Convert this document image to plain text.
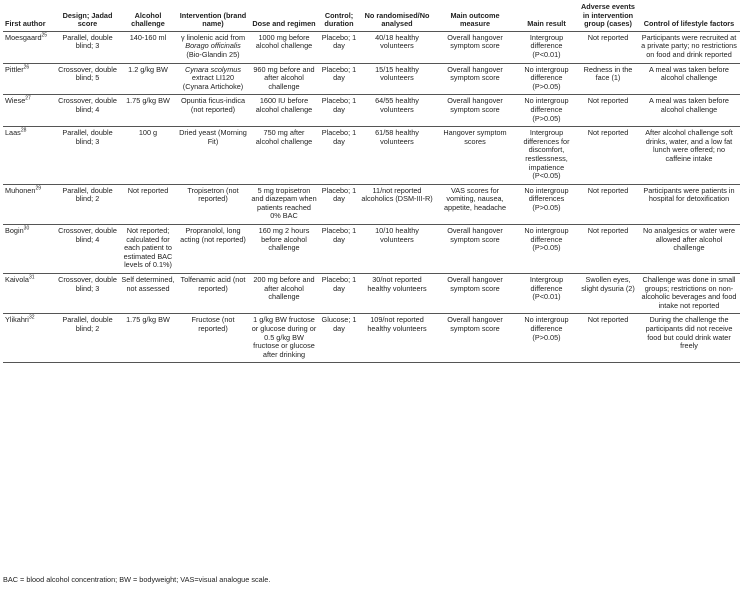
First author	Design; Jadad score	Alcohol challenge	Intervention (brand name)	Dose and regimen	Control; duration	No randomised/No analysed	Main outcome measure	Main result	Adverse events in intervention group (cases)	Control of lifestyle factors
Moesgaard$^{25}$	Parallel, double blind; 3	140-160 ml	γ linolenic acid from Borago officinalis (Bio-Glandin 25)	1000 mg before alcohol challenge	Placebo; 1 day	40/18 healthy volunteers	Overall hangover symptom score	Intergroup difference (P<0.01)	Not reported	Participants were recruited at a private party; no restrictions on food and drink reported
Pittler$^{26}$	Crossover, double blind; 5	1.2 g/kg BW	Cynara scolymus extract LI120 (Cynara Artichoke)	960 mg before and after alcohol challenge	Placebo; 1 day	15/15 healthy volunteers	Overall hangover symptom score	No intergroup difference (P>0.05)	Redness in the face (1)	A meal was taken before alcohol challenge
Wiese$^{27}$	Crossover, double blind; 4	1.75 g/kg BW	Opuntia ficus-indica (not reported)	1600 IU before alcohol challenge	Placebo; 1 day	64/55 healthy volunteers	Overall hangover symptom score	No intergroup difference (P>0.05)	Not reported	A meal was taken before alcohol challenge
Laas$^{28}$	Parallel, double blind; 3	100 g	Dried yeast (Morning Fit)	750 mg after alcohol challenge	Placebo; 1 day	61/58 healthy volunteers	Hangover symptom scores	Intergroup differences for discomfort, restlessness, impatience (P<0.05)	Not reported	After alcohol challenge soft drinks, water, and a low fat lunch were offered; no caffeine intake
Muhonen$^{29}$	Parallel, double blind; 2	Not reported	Tropisetron (not reported)	5 mg tropisetron and diazepam when patients reached 0% BAC	Placebo; 1 day	11/not reported alcoholics (DSM-III-R)	VAS scores for vomiting, nausea, appetite, headache	No intergroup differences (P>0.05)	Not reported	Participants were patients in hospital for detoxification
Bogin$^{30}$	Crossover, double blind; 4	Not reported; calculated for each patient to estimated BAC levels of 0.1%)	Propranolol, long acting (not reported)	160 mg 2 hours before alcohol challenge	Placebo; 1 day	10/10 healthy volunteers	Overall hangover symptom score	No intergroup difference (P>0.05)	Not reported	No analgesics or water were allowed after alcohol challenge
Kaivola$^{31}$	Crossover, double blind; 3	Self determined, not assessed	Tolfenamic acid (not reported)	200 mg before and after alcohol challenge	Placebo; 1 day	30/not reported healthy volunteers	Overall hangover symptom score	Intergroup difference (P<0.01)	Swollen eyes, slight dysuria (2)	Challenge was done in small groups; restrictions on non-alcoholic beverages and food intake not reported
Ylikahri$^{32}$	Parallel, double blind; 2	1.75 g/kg BW	Fructose (not reported)	1 g/kg BW fructose or glucose during or 0.5 g/kg BW fructose or glucose after drinking	Glucose; 1 day	109/not reported healthy volunteers	Overall hangover symptom score	No intergroup difference (P>0.05)	Not reported	During the challenge the participants did not receive food but could drink water freely
BAC = blood alcohol concentration; BW = bodyweight; VAS=visual analogue scale.
